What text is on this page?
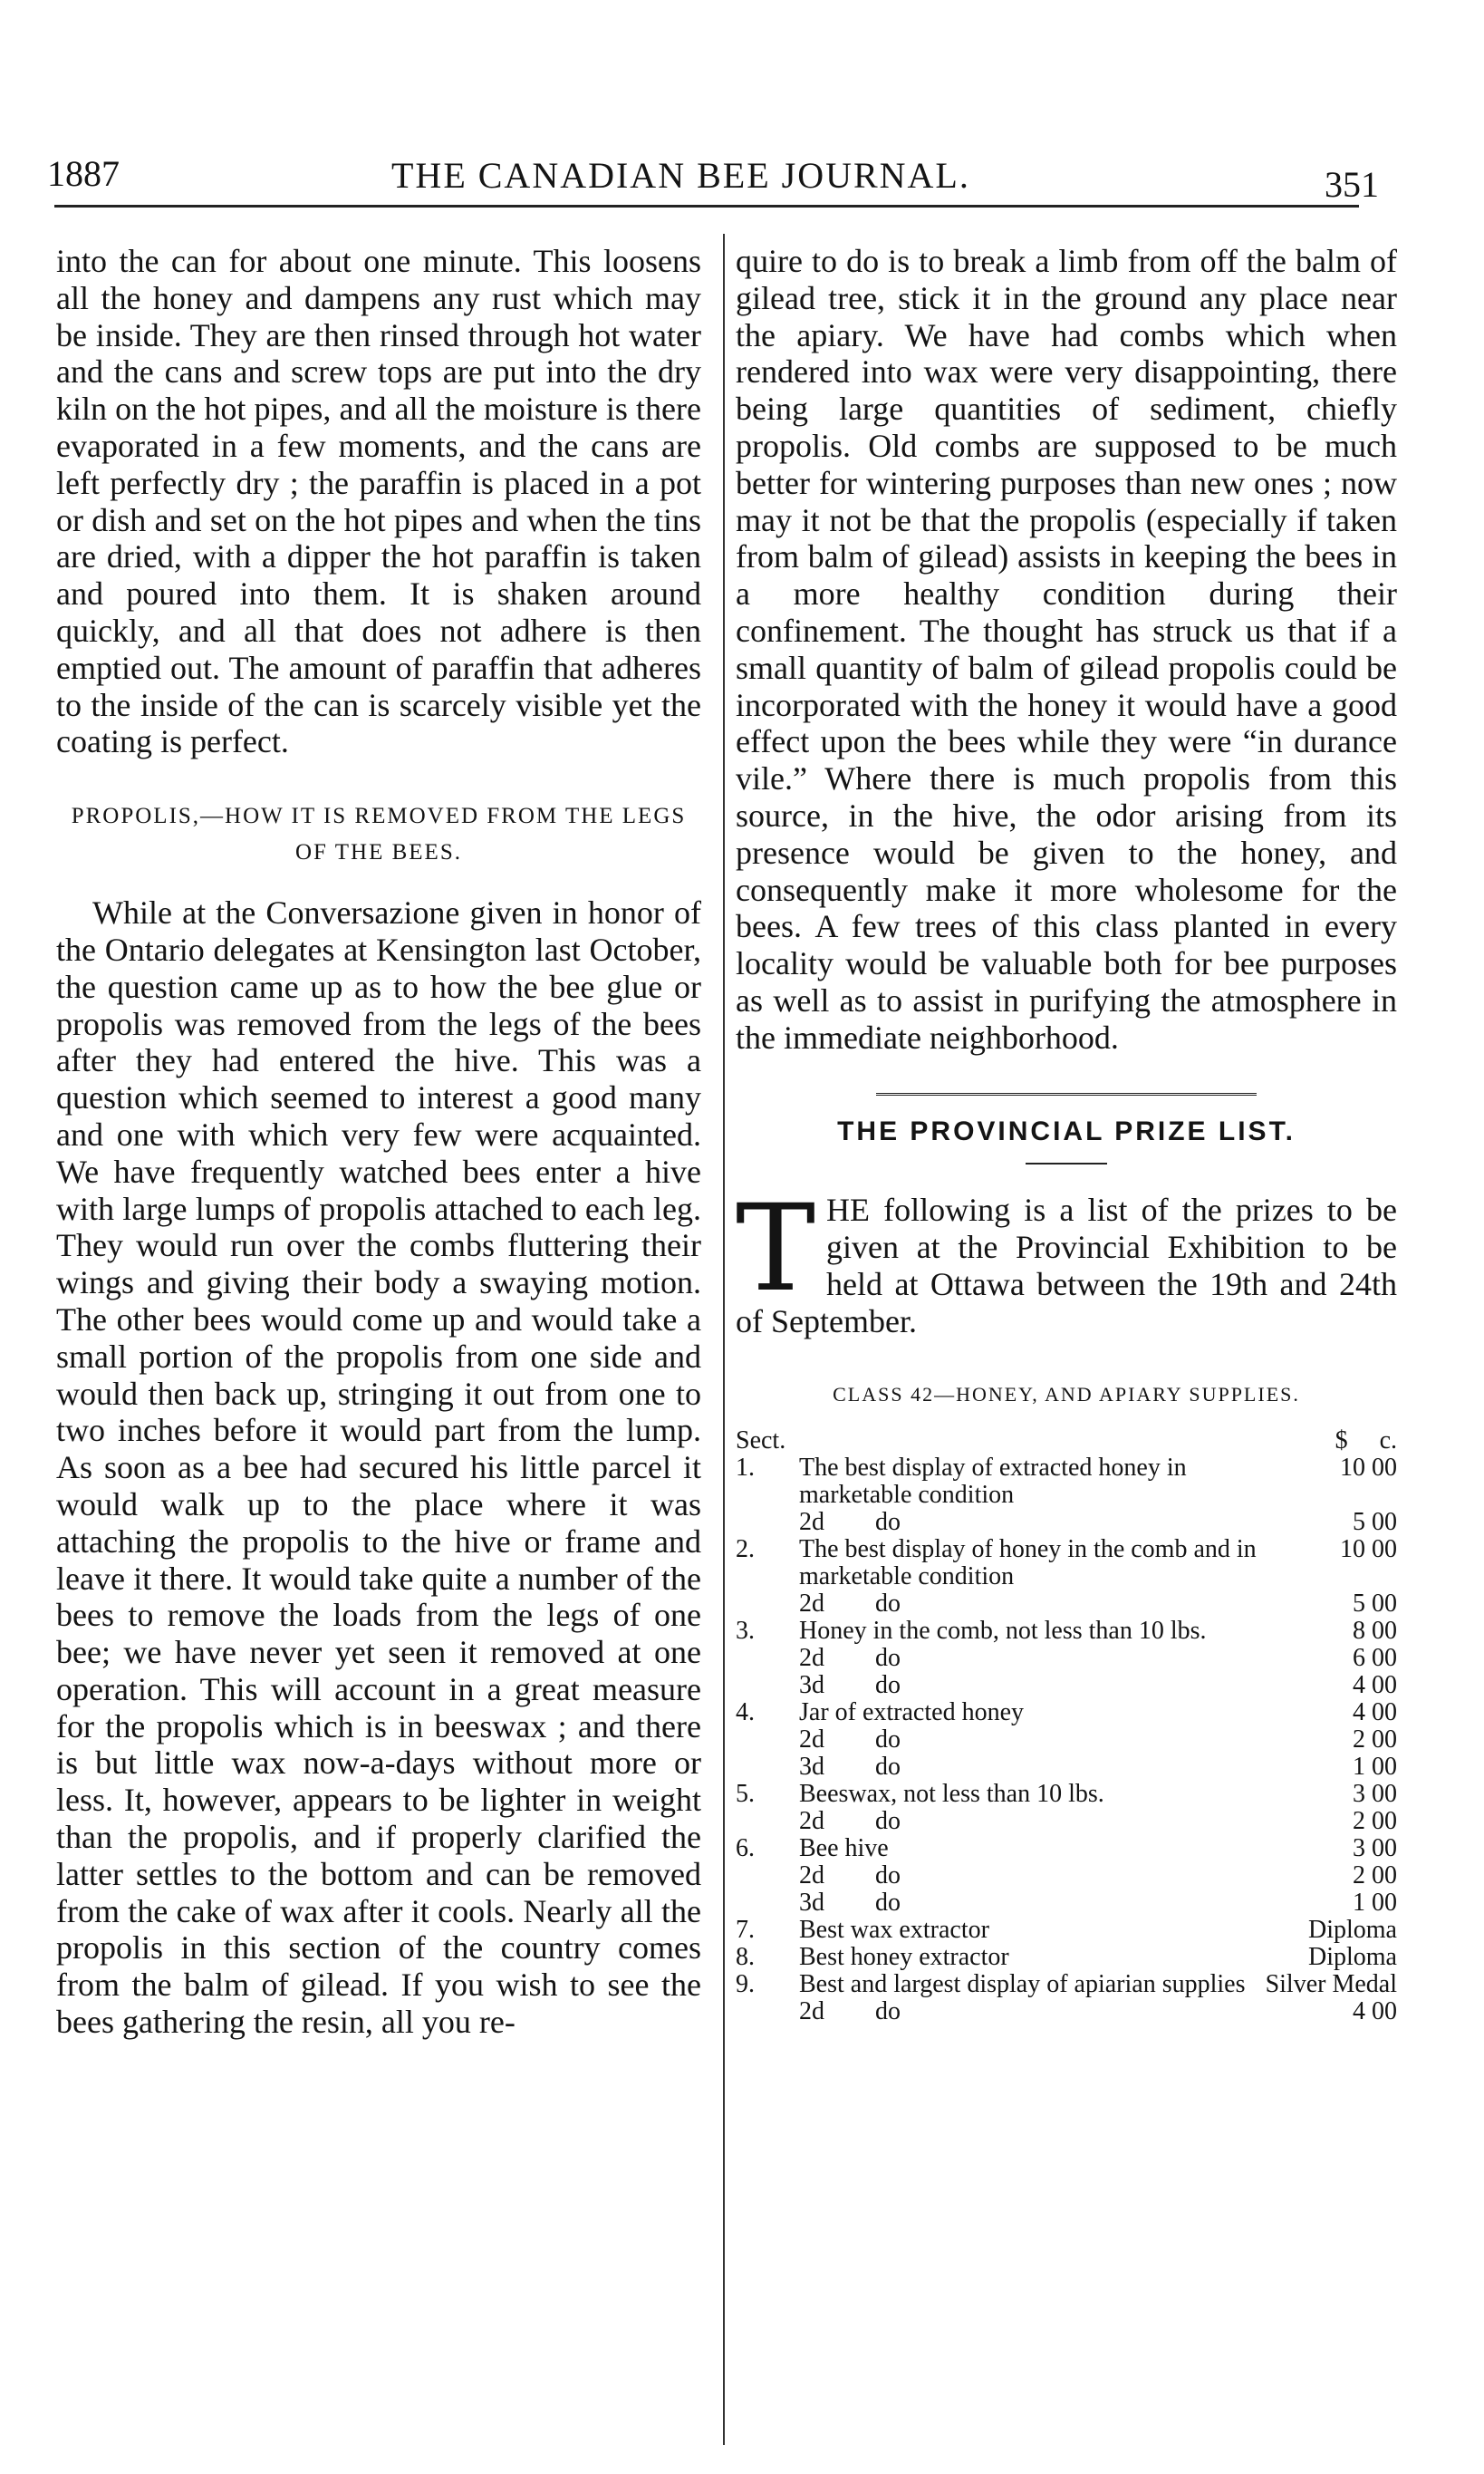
1887	THE CANADIAN BEE JOURNAL.	351

into the can for about one minute. This loosens all the honey and dampens any rust which may be inside. They are then rinsed through hot water and the cans and screw tops are put into the dry kiln on the hot pipes, and all the moisture is there evaporated in a few moments, and the cans are left perfectly dry ; the paraffin is placed in a pot or dish and set on the hot pipes and when the tins are dried, with a dipper the hot paraffin is taken and poured into them. It is shaken around quickly, and all that does not adhere is then emptied out. The amount of paraffin that adheres to the inside of the can is scarcely visible yet the coating is perfect.

PROPOLIS,—HOW IT IS REMOVED FROM THE LEGS OF THE BEES.

While at the Conversazione given in honor of the Ontario delegates at Kensington last October, the question came up as to how the bee glue or propolis was removed from the legs of the bees after they had entered the hive. This was a question which seemed to interest a good many and one with which very few were acquainted. We have frequently watched bees enter a hive with large lumps of propolis attached to each leg. They would run over the combs fluttering their wings and giving their body a swaying motion. The other bees would come up and would take a small portion of the propolis from one side and would then back up, stringing it out from one to two inches before it would part from the lump. As soon as a bee had secured his little parcel it would walk up to the place where it was attaching the propolis to the hive or frame and leave it there. It would take quite a number of the bees to remove the loads from the legs of one bee; we have never yet seen it removed at one operation. This will account in a great measure for the propolis which is in beeswax ; and there is but little wax now-a-days without more or less. It, however, appears to be lighter in weight than the propolis, and if properly clarified the latter settles to the bottom and can be removed from the cake of wax after it cools. Nearly all the propolis in this section of the country comes from the balm of gilead. If you wish to see the bees gathering the resin, all you re-

quire to do is to break a limb from off the balm of gilead tree, stick it in the ground any place near the apiary. We have had combs which when rendered into wax were very disappointing, there being large quantities of sediment, chiefly propolis. Old combs are supposed to be much better for wintering purposes than new ones ; now may it not be that the propolis (especially if taken from balm of gilead) assists in keeping the bees in a more healthy condition during their confinement. The thought has struck us that if a small quantity of balm of gilead propolis could be incorporated with the honey it would have a good effect upon the bees while they were “in durance vile.” Where there is much propolis from this source, in the hive, the odor arising from its presence would be given to the honey, and consequently make it more wholesome for the bees. A few trees of this class planted in every locality would be valuable both for bee purposes as well as to assist in purifying the atmosphere in the immediate neighborhood.

THE PROVINCIAL PRIZE LIST.

T HE following is a list of the prizes to be given at the Provincial Exhibition to be held at Ottawa between the 19th and 24th of September.

CLASS 42—HONEY, AND APIARY SUPPLIES.
Sect.		$ c.
1.	The best display of extracted honey in marketable condition	10 00
	2d        do	5 00
2.	The best display of honey in the comb and in marketable condition	10 00
	2d        do	5 00
3.	Honey in the comb, not less than 10 lbs.	8 00
	2d        do	6 00
	3d        do	4 00
4.	Jar of extracted honey	4 00
	2d        do	2 00
	3d        do	1 00
5.	Beeswax, not less than 10 lbs.	3 00
	2d        do	2 00
6.	Bee hive	3 00
	2d        do	2 00
	3d        do	1 00
7.	Best wax extractor	Diploma
8.	Best honey extractor	Diploma
9.	Best and largest display of apiarian supplies	Silver Medal
	2d        do	4 00
